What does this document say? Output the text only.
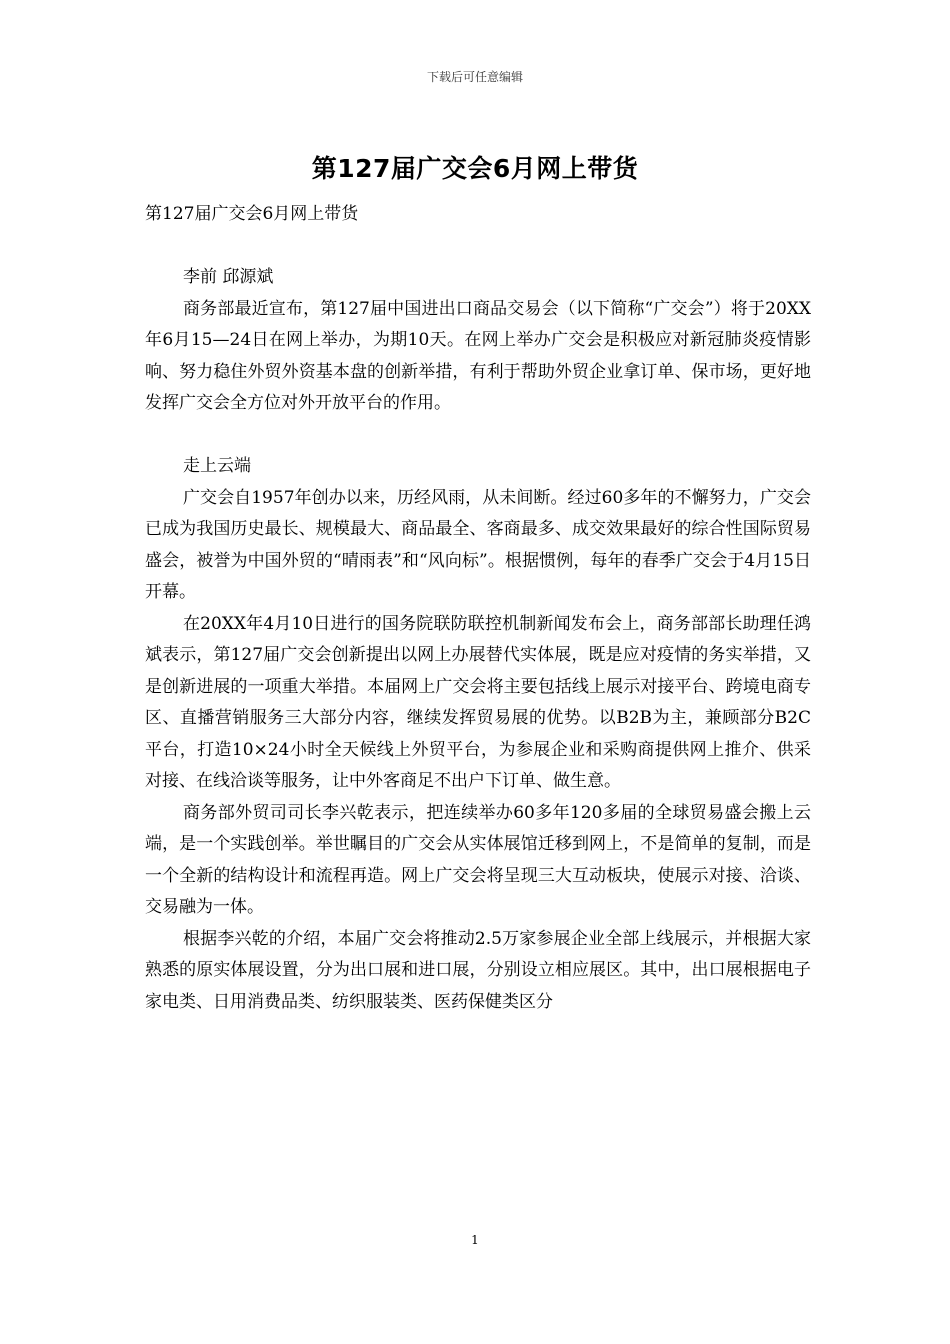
下载后可任意编辑
第127届广交会6月网上带货

第127届广交会6月网上带货

李前 邱源斌

商务部最近宣布，第127届中国进出口商品交易会（以下简称“广交会”）将于20XX年6月15—24日在网上举办，为期10天。在网上举办广交会是积极应对新冠肺炎疫情影响、努力稳住外贸外资基本盘的创新举措，有利于帮助外贸企业拿订单、保市场，更好地发挥广交会全方位对外开放平台的作用。

走上云端

广交会自1957年创办以来，历经风雨，从未间断。经过60多年的不懈努力，广交会已成为我国历史最长、规模最大、商品最全、客商最多、成交效果最好的综合性国际贸易盛会，被誉为中国外贸的“晴雨表”和“风向标”。根据惯例，每年的春季广交会于4月15日开幕。

在20XX年4月10日进行的国务院联防联控机制新闻发布会上，商务部部长助理任鸿斌表示，第127届广交会创新提出以网上办展替代实体展，既是应对疫情的务实举措，又是创新进展的一项重大举措。本届网上广交会将主要包括线上展示对接平台、跨境电商专区、直播营销服务三大部分内容，继续发挥贸易展的优势。以B2B为主，兼顾部分B2C平台，打造10×24小时全天候线上外贸平台，为参展企业和采购商提供网上推介、供采对接、在线洽谈等服务，让中外客商足不出户下订单、做生意。

商务部外贸司司长李兴乾表示，把连续举办60多年120多届的全球贸易盛会搬上云端，是一个实践创举。举世瞩目的广交会从实体展馆迁移到网上，不是简单的复制，而是一个全新的结构设计和流程再造。网上广交会将呈现三大互动板块，使展示对接、洽谈、交易融为一体。

根据李兴乾的介绍，本届广交会将推动2.5万家参展企业全部上线展示，并根据大家熟悉的原实体展设置，分为出口展和进口展，分别设立相应展区。其中，出口展根据电子家电类、日用消费品类、纺织服装类、医药保健类区分

1
